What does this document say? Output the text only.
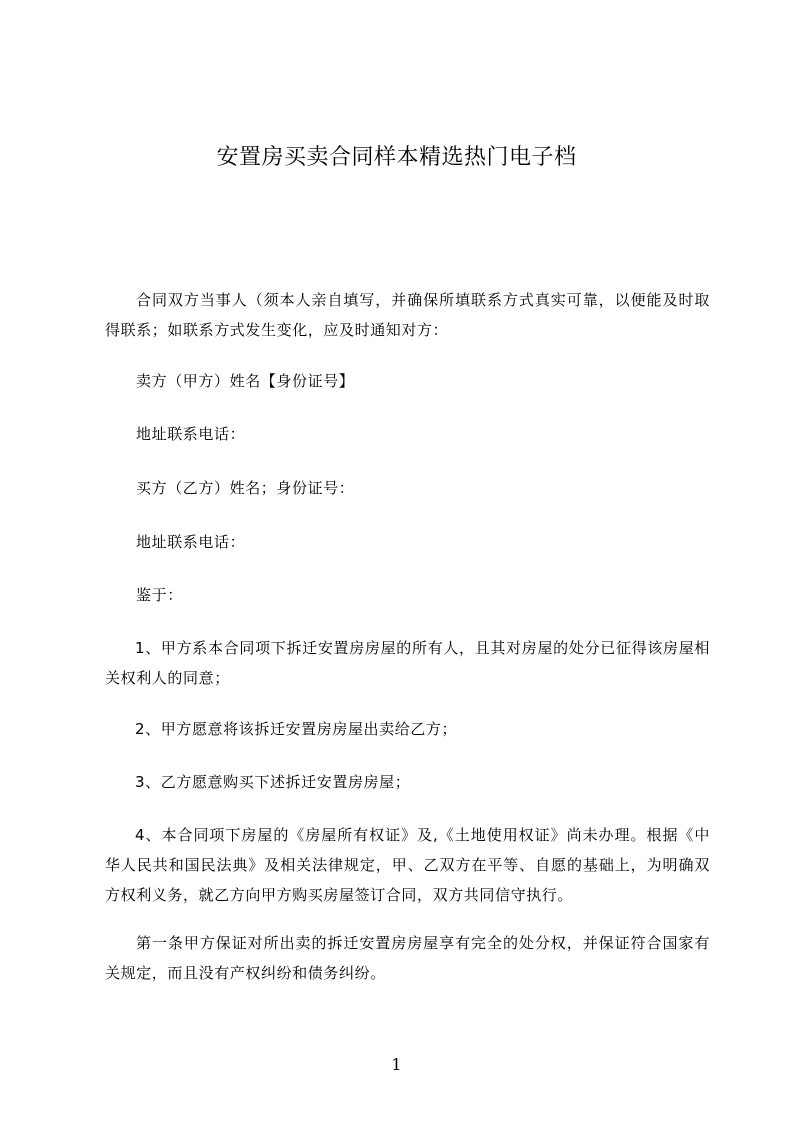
安置房买卖合同样本精选热门电子档
合同双方当事人（须本人亲自填写，并确保所填联系方式真实可靠，以便能及时取得联系；如联系方式发生变化，应及时通知对方：
卖方（甲方）姓名【身份证号】
地址联系电话：
买方（乙方）姓名；身份证号：
地址联系电话：
鉴于：
1、甲方系本合同项下拆迁安置房房屋的所有人，且其对房屋的处分已征得该房屋相关权利人的同意；
2、甲方愿意将该拆迁安置房房屋出卖给乙方；
3、乙方愿意购买下述拆迁安置房房屋；
4、本合同项下房屋的《房屋所有权证》及,《土地使用权证》尚未办理。根据《中华人民共和国民法典》及相关法律规定，甲、乙双方在平等、自愿的基础上，为明确双方权利义务，就乙方向甲方购买房屋签订合同，双方共同信守执行。
第一条甲方保证对所出卖的拆迁安置房房屋享有完全的处分权，并保证符合国家有关规定，而且没有产权纠纷和债务纠纷。
1
